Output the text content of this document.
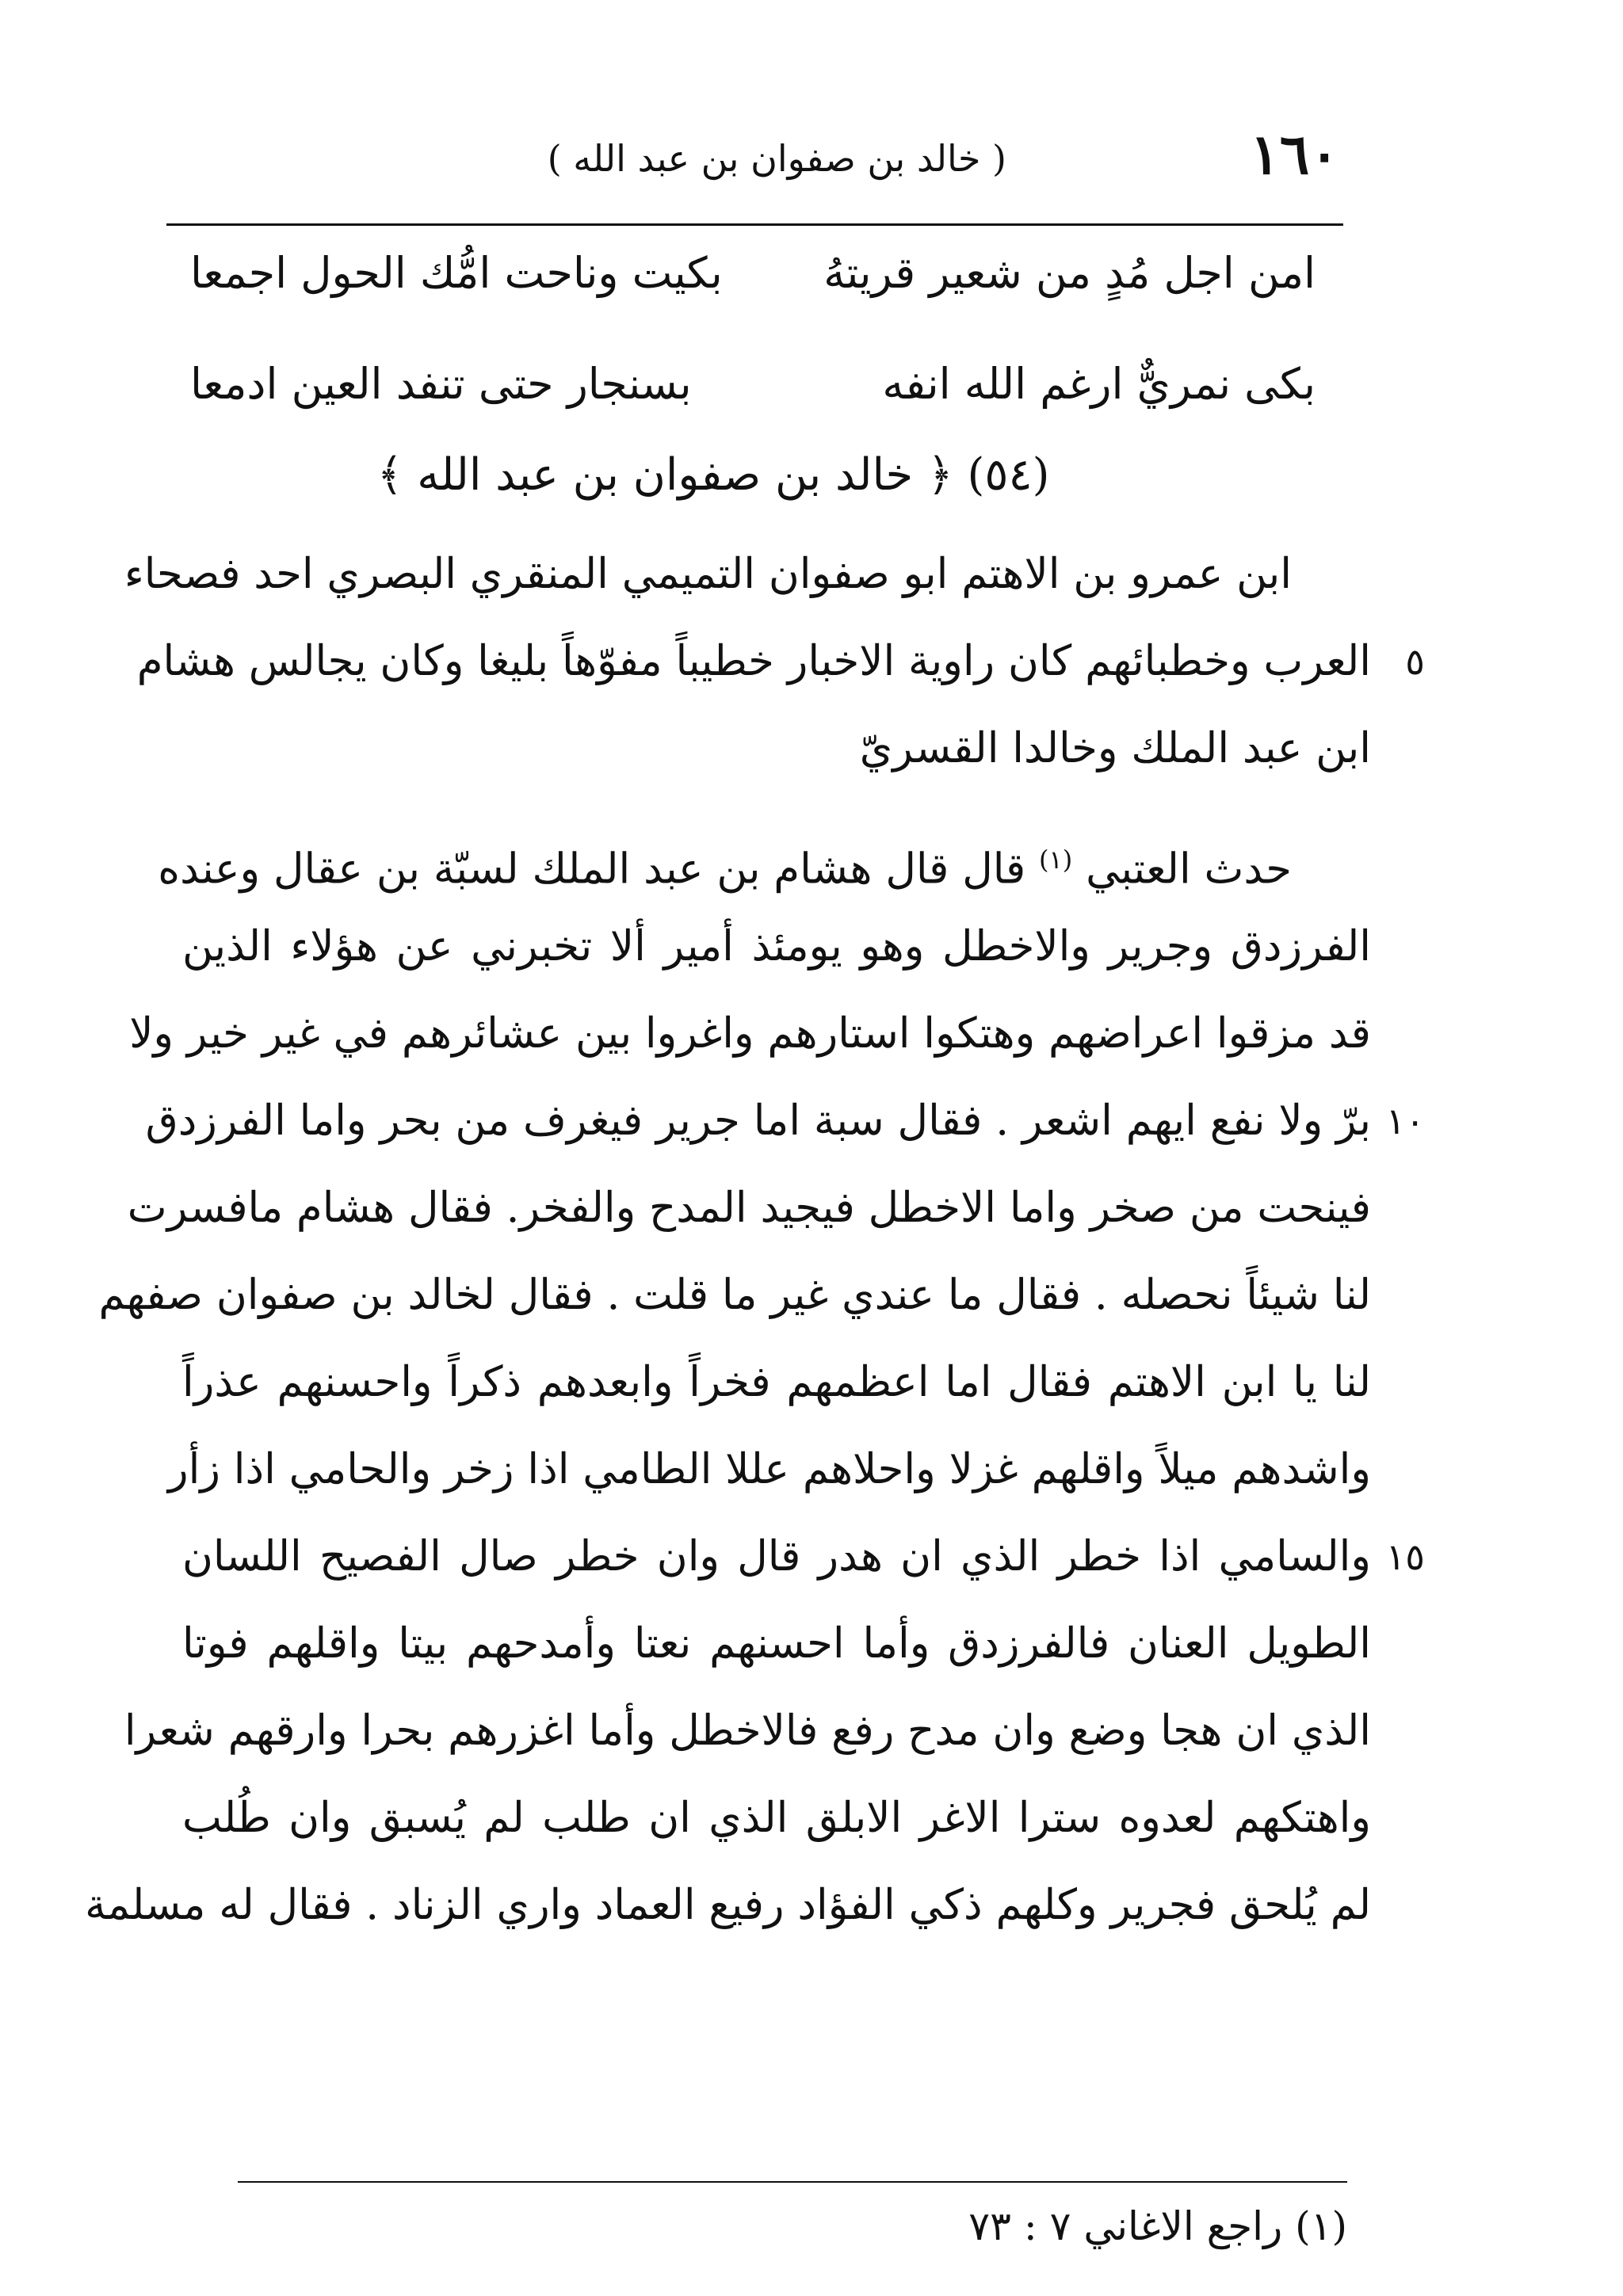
١٦٠
( خالد بن صفوان بن عبد الله )
امن اجل مُدٍ من شعير قريتهُ
بكيت وناحت امُّك الحول اجمعا
بكى نمريٌّ ارغم الله انفه
بسنجار حتى تنفد العين ادمعا
(٥٤) ﴿ خالد بن صفوان بن عبد الله ﴾
ابن عمرو بن الاهتم ابو صفوان التميمي المنقري البصري احد فصحاء
العرب وخطبائهم كان راوية الاخبار خطيباً مفوّهاً بليغا وكان يجالس هشام
ابن عبد الملك وخالدا القسريّ
حدث العتبي $^{(١)}$ قال قال هشام بن عبد الملك لسبّة بن عقال وعنده
الفرزدق وجرير والاخطل وهو يومئذ أمير ألا تخبرني عن هؤلاء الذين
قد مزقوا اعراضهم وهتكوا استارهم واغروا بين عشائرهم في غير خير ولا
برّ ولا نفع ايهم اشعر . فقال سبة اما جرير فيغرف من بحر واما الفرزدق
فينحت من صخر واما الاخطل فيجيد المدح والفخر. فقال هشام مافسرت
لنا شيئاً نحصله . فقال ما عندي غير ما قلت . فقال لخالد بن صفوان صفهم
لنا يا ابن الاهتم فقال اما اعظمهم فخراً وابعدهم ذكراً واحسنهم عذراً
واشدهم ميلاً واقلهم غزلا واحلاهم عللا الطامي اذا زخر والحامي اذا زأر
والسامي اذا خطر الذي ان هدر قال وان خطر صال الفصيح اللسان
الطويل العنان فالفرزدق وأما احسنهم نعتا وأمدحهم بيتا واقلهم فوتا
الذي ان هجا وضع وان مدح رفع فالاخطل وأما اغزرهم بحرا وارقهم شعرا
واهتكهم لعدوه سترا الاغر الابلق الذي ان طلب لم يُسبق وان طُلب
لم يُلحق فجرير وكلهم ذكي الفؤاد رفيع العماد واري الزناد . فقال له مسلمة
٥
١٠
١٥
(١) راجع الاغاني ٧ : ٧٣
